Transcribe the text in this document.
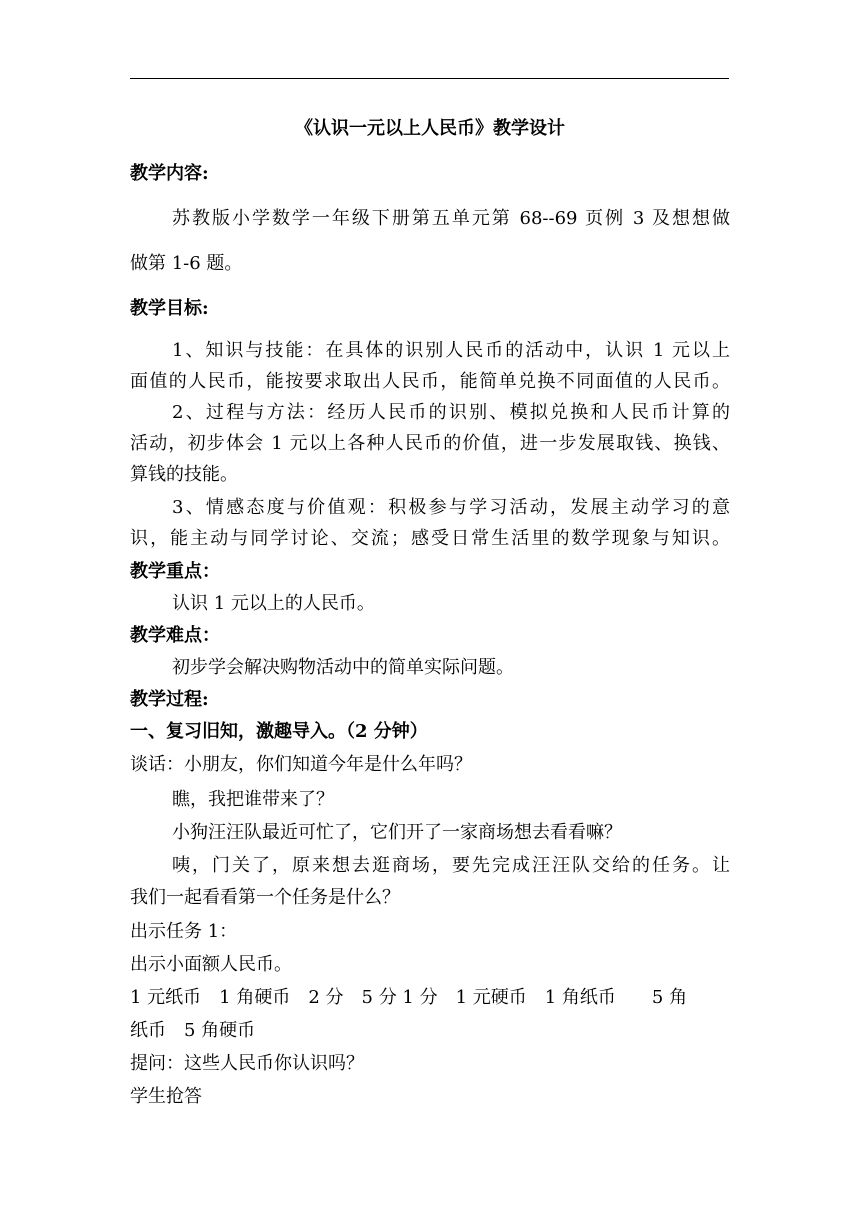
《认识一元以上人民币》教学设计
教学内容:
苏教版小学数学一年级下册第五单元第 68--69 页例 3 及想想做
做第 1-6 题。
教学目标:
1、知识与技能：在具体的识别人民币的活动中，认识 1 元以上
面值的人民币，能按要求取出人民币，能简单兑换不同面值的人民币。
2、过程与方法：经历人民币的识别、模拟兑换和人民币计算的
活动，初步体会 1 元以上各种人民币的价值，进一步发展取钱、换钱、
算钱的技能。
3、情感态度与价值观：积极参与学习活动，发展主动学习的意
识，能主动与同学讨论、交流；感受日常生活里的数学现象与知识。
教学重点：
认识 1 元以上的人民币。
教学难点：
初步学会解决购物活动中的简单实际问题。
教学过程:
一、复习旧知，激趣导入。（2 分钟）
谈话：小朋友，你们知道今年是什么年吗？
瞧，我把谁带来了？
小狗汪汪队最近可忙了，它们开了一家商场想去看看嘛？
咦，门关了，原来想去逛商场，要先完成汪汪队交给的任务。让
我们一起看看第一个任务是什么？
出示任务 1：
出示小面额人民币。
1 元纸币　1 角硬币　2 分　5 分 1 分　1 元硬币　1 角纸币　　5 角
纸币　5 角硬币
提问：这些人民币你认识吗？
学生抢答
